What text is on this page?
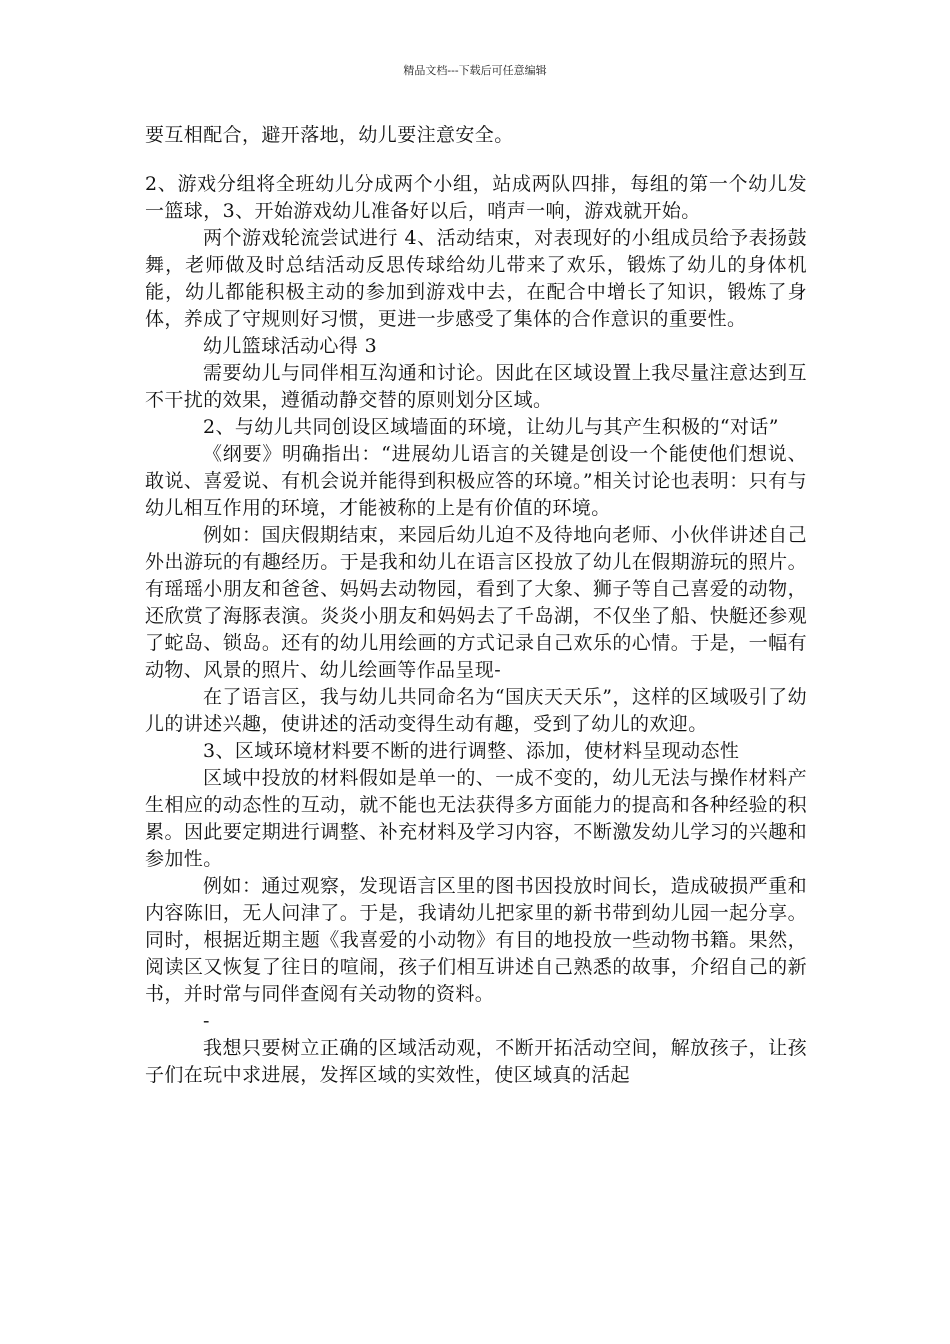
精品文档---下载后可任意编辑

要互相配合，避开落地，幼儿要注意安全。

2、游戏分组将全班幼儿分成两个小组，站成两队四排，每组的第一个幼儿发一篮球，3、开始游戏幼儿准备好以后，哨声一响，游戏就开始。

两个游戏轮流尝试进行 4、活动结束，对表现好的小组成员给予表扬鼓舞，老师做及时总结活动反思传球给幼儿带来了欢乐，锻炼了幼儿的身体机能，幼儿都能积极主动的参加到游戏中去，在配合中增长了知识，锻炼了身体，养成了守规则好习惯，更进一步感受了集体的合作意识的重要性。

幼儿篮球活动心得 3

需要幼儿与同伴相互沟通和讨论。因此在区域设置上我尽量注意达到互不干扰的效果，遵循动静交替的原则划分区域。

2、与幼儿共同创设区域墙面的环境，让幼儿与其产生积极的“对话”

《纲要》明确指出：“进展幼儿语言的关键是创设一个能使他们想说、敢说、喜爱说、有机会说并能得到积极应答的环境。”相关讨论也表明：只有与幼儿相互作用的环境，才能被称的上是有价值的环境。

例如：国庆假期结束，来园后幼儿迫不及待地向老师、小伙伴讲述自己外出游玩的有趣经历。于是我和幼儿在语言区投放了幼儿在假期游玩的照片。有瑶瑶小朋友和爸爸、妈妈去动物园，看到了大象、狮子等自己喜爱的动物，还欣赏了海豚表演。炎炎小朋友和妈妈去了千岛湖，不仅坐了船、快艇还参观了蛇岛、锁岛。还有的幼儿用绘画的方式记录自己欢乐的心情。于是，一幅有动物、风景的照片、幼儿绘画等作品呈现-

在了语言区，我与幼儿共同命名为“国庆天天乐”，这样的区域吸引了幼儿的讲述兴趣，使讲述的活动变得生动有趣，受到了幼儿的欢迎。

3、区域环境材料要不断的进行调整、添加，使材料呈现动态性

区域中投放的材料假如是单一的、一成不变的，幼儿无法与操作材料产生相应的动态性的互动，就不能也无法获得多方面能力的提高和各种经验的积累。因此要定期进行调整、补充材料及学习内容，不断激发幼儿学习的兴趣和参加性。

例如：通过观察，发现语言区里的图书因投放时间长，造成破损严重和内容陈旧，无人问津了。于是，我请幼儿把家里的新书带到幼儿园一起分享。同时，根据近期主题《我喜爱的小动物》有目的地投放一些动物书籍。果然，阅读区又恢复了往日的喧闹，孩子们相互讲述自己熟悉的故事，介绍自己的新书，并时常与同伴查阅有关动物的资料。

-

我想只要树立正确的区域活动观，不断开拓活动空间，解放孩子，让孩子们在玩中求进展，发挥区域的实效性，使区域真的活起
